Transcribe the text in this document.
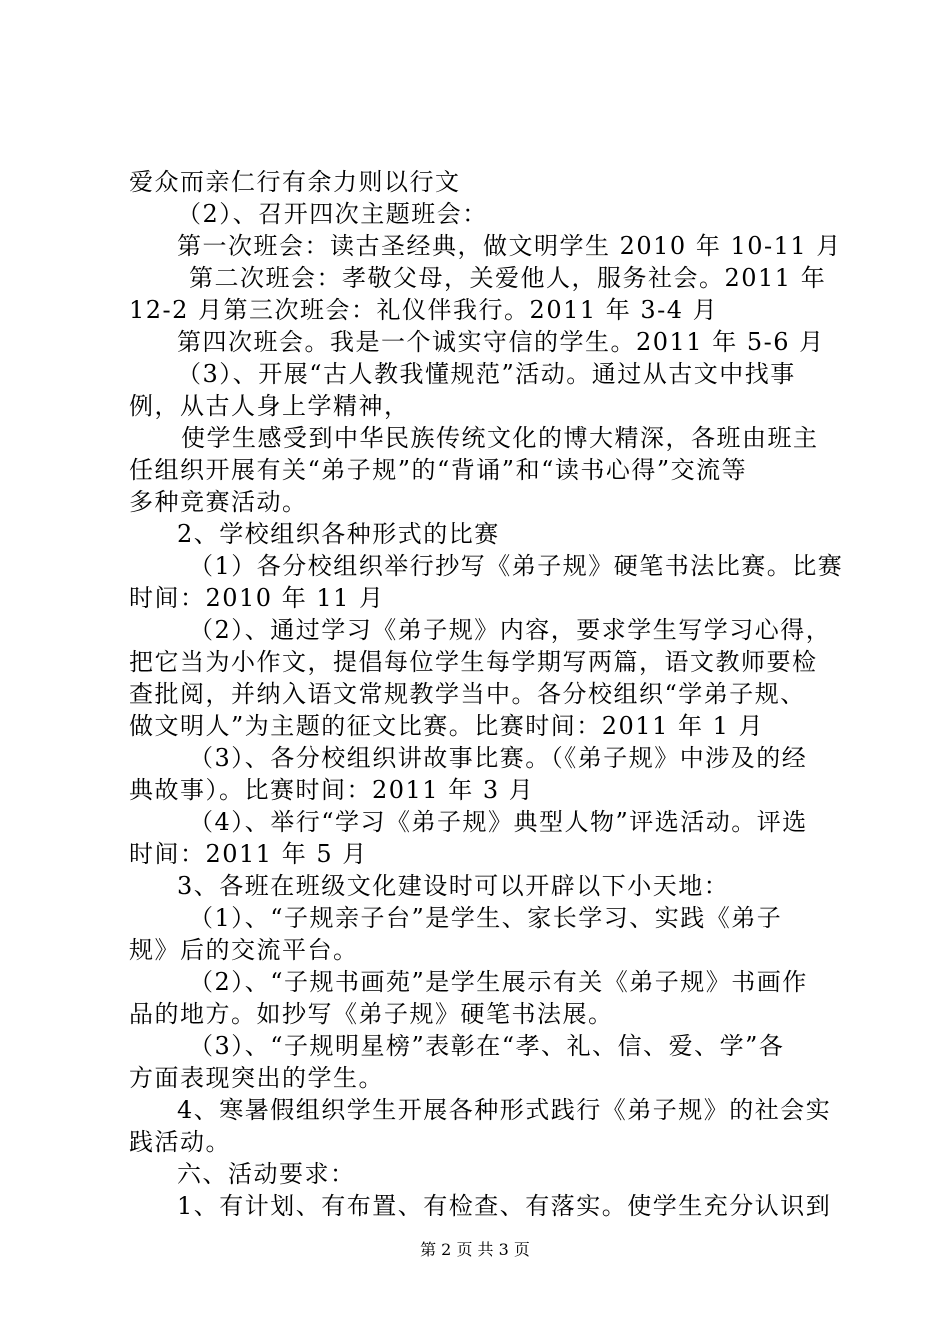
爱众而亲仁行有余力则以行文
（2）、召开四次主题班会：
第一次班会：读古圣经典，做文明学生 2010 年 10-11 月
第二次班会：孝敬父母，关爱他人，服务社会。2011 年
12-2 月第三次班会：礼仪伴我行。2011 年 3-4 月
第四次班会。我是一个诚实守信的学生。2011 年 5-6 月
（3）、开展“古人教我懂规范”活动。通过从古文中找事
例，从古人身上学精神，
使学生感受到中华民族传统文化的博大精深，各班由班主
任组织开展有关“弟子规”的“背诵”和“读书心得”交流等
多种竞赛活动。
2、学校组织各种形式的比赛
（1）各分校组织举行抄写《弟子规》硬笔书法比赛。比赛
时间：2010 年 11 月
（2）、通过学习《弟子规》内容，要求学生写学习心得，
把它当为小作文，提倡每位学生每学期写两篇，语文教师要检
查批阅，并纳入语文常规教学当中。各分校组织“学弟子规、
做文明人”为主题的征文比赛。比赛时间：2011 年 1 月
（3）、各分校组织讲故事比赛。（《弟子规》中涉及的经
典故事）。比赛时间：2011 年 3 月
（4）、举行“学习《弟子规》典型人物”评选活动。评选
时间：2011 年 5 月
3、各班在班级文化建设时可以开辟以下小天地：
（1）、“子规亲子台”是学生、家长学习、实践《弟子
规》后的交流平台。
（2）、“子规书画苑”是学生展示有关《弟子规》书画作
品的地方。如抄写《弟子规》硬笔书法展。
（3）、“子规明星榜”表彰在“孝、礼、信、爱、学”各
方面表现突出的学生。
4、寒暑假组织学生开展各种形式践行《弟子规》的社会实
践活动。
六、活动要求：
1、有计划、有布置、有检查、有落实。使学生充分认识到
第 2 页 共 3 页
